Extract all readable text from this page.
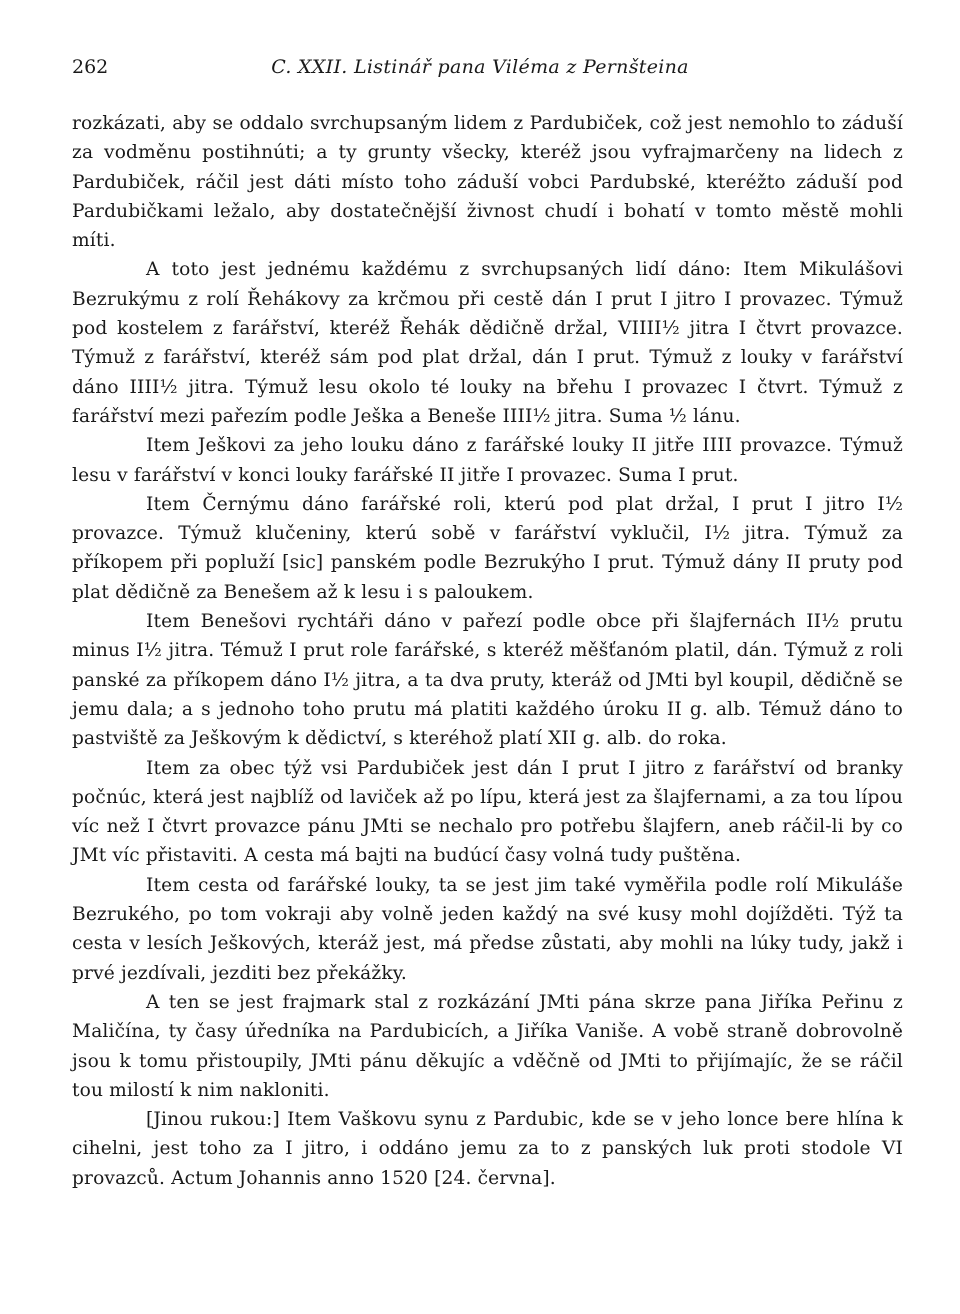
262	C. XXII. Listinář pana Viléma z Pernšteina

rozkázati, aby se oddalo svrchupsaným lidem z Pardubiček, což jest nemohlo to záduší za vodměnu postihnúti; a ty grunty všecky, kteréž jsou vyfrajmarčeny na lidech z Pardubiček, ráčil jest dáti místo toho záduší vobci Pardubské, kteréžto záduší pod Pardubičkami ležalo, aby dostatečnější živnost chudí i bohatí v tomto městě mohli míti.

A toto jest jednému každému z svrchupsaných lidí dáno: Item Mikulášovi Bezrukýmu z rolí Řehákovy za krčmou při cestě dán I prut I jitro I provazec. Týmuž pod kostelem z farářství, kteréž Řehák dědičně držal, VIIII½ jitra I čtvrt provazce. Týmuž z farářství, kteréž sám pod plat držal, dán I prut. Týmuž z louky v farářství dáno IIII½ jitra. Týmuž lesu okolo té louky na břehu I provazec I čtvrt. Týmuž z farářství mezi pařezím podle Ješka a Beneše IIII½ jitra. Suma ½ lánu.

Item Ješkovi za jeho louku dáno z farářské louky II jitře IIII provazce. Týmuž lesu v farářství v konci louky farářské II jitře I provazec. Suma I prut.

Item Černýmu dáno farářské roli, kterú pod plat držal, I prut I jitro I½ provazce. Týmuž klučeniny, kterú sobě v farářství vyklučil, I½ jitra. Týmuž za příkopem při popluží [sic] panském podle Bezrukýho I prut. Týmuž dány II pruty pod plat dědičně za Benešem až k lesu i s paloukem.

Item Benešovi rychtáři dáno v pařezí podle obce při šlajfernách II½ prutu minus I½ jitra. Témuž I prut role farářské, s kteréž měšťanóm platil, dán. Týmuž z roli panské za příkopem dáno I½ jitra, a ta dva pruty, kteráž od JMti byl koupil, dědičně se jemu dala; a s jednoho toho prutu má platiti každého úroku II g. alb. Témuž dáno to pastviště za Ješkovým k dědictví, s kteréhož platí XII g. alb. do roka.

Item za obec týž vsi Pardubiček jest dán I prut I jitro z farářství od branky počnúc, která jest najblíž od laviček až po lípu, která jest za šlajfernami, a za tou lípou víc než I čtvrt provazce pánu JMti se nechalo pro potřebu šlajfern, aneb ráčil-li by co JMt víc přistaviti. A cesta má bajti na budúcí časy volná tudy puštěna.

Item cesta od farářské louky, ta se jest jim také vyměřila podle rolí Mikuláše Bezrukého, po tom vokraji aby volně jeden každý na své kusy mohl dojížděti. Týž ta cesta v lesích Ješkových, kteráž jest, má předse zůstati, aby mohli na lúky tudy, jakž i prvé jezdívali, jezditi bez překážky.

A ten se jest frajmark stal z rozkázání JMti pána skrze pana Jiříka Peřinu z Maličína, ty časy úředníka na Pardubicích, a Jiříka Vaniše. A vobě straně dobrovolně jsou k tomu přistoupily, JMti pánu děkujíc a vděčně od JMti to přijímajíc, že se ráčil tou milostí k nim nakloniti.

[Jinou rukou:] Item Vaškovu synu z Pardubic, kde se v jeho lonce bere hlína k cihelni, jest toho za I jitro, i oddáno jemu za to z panských luk proti stodole VI provazců. Actum Johannis anno 1520 [24. června].
